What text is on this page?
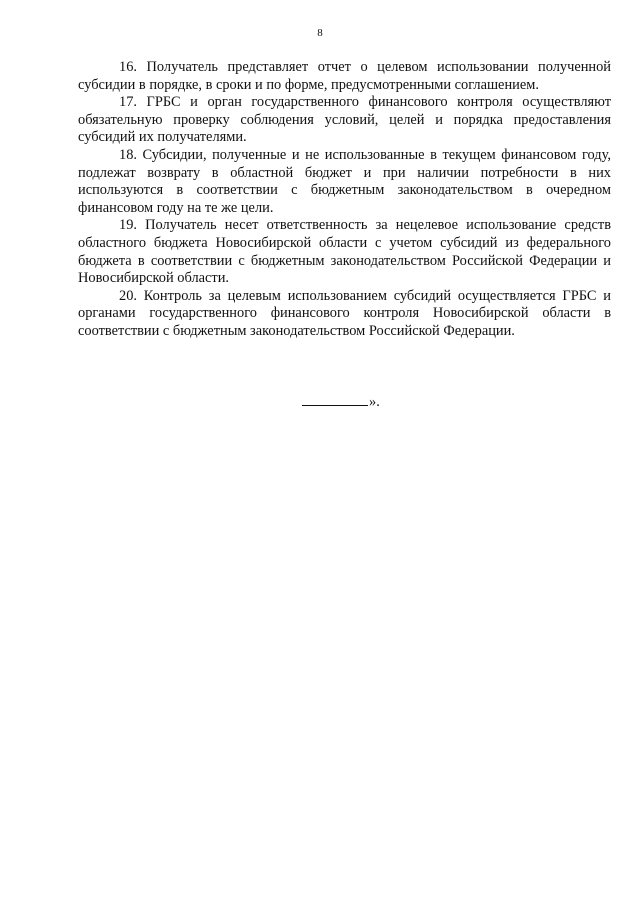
8

16. Получатель представляет отчет о целевом использовании полученной субсидии в порядке, в сроки и по форме, предусмотренными соглашением.

17. ГРБС и орган государственного финансового контроля осуществляют обязательную проверку соблюдения условий, целей и порядка предоставления субсидий их получателями.

18. Субсидии, полученные и не использованные в текущем финансовом году, подлежат возврату в областной бюджет и при наличии потребности в них используются в соответствии с бюджетным законодательством в очередном финансовом году на те же цели.

19. Получатель несет ответственность за нецелевое использование средств областного бюджета Новосибирской области с учетом субсидий из федерального бюджета в соответствии с бюджетным законодательством Российской Федерации и Новосибирской области.

20. Контроль за целевым использованием субсидий осуществляется ГРБС и органами государственного финансового контроля Новосибирской области в соответствии с бюджетным законодательством Российской Федерации.

».
